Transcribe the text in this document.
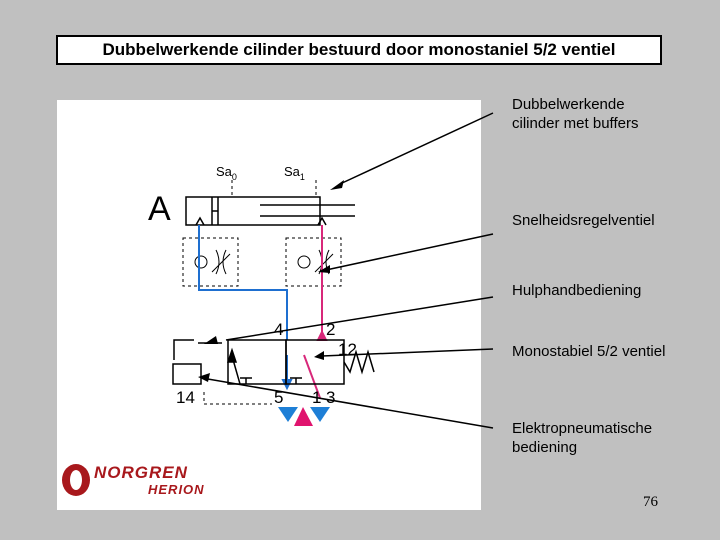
Dubbelwerkende cilinder bestuurd door monostaniel 5/2 ventiel
A
$Sa_0$	$Sa_1$
4	2
12
14	5 1 3
NORGREN
HERION
Dubbelwerkende
cilinder met buffers
Snelheidsregelventiel
Hulphandbediening
Monostabiel 5/2 ventiel
Elektropneumatische
bediening
76
